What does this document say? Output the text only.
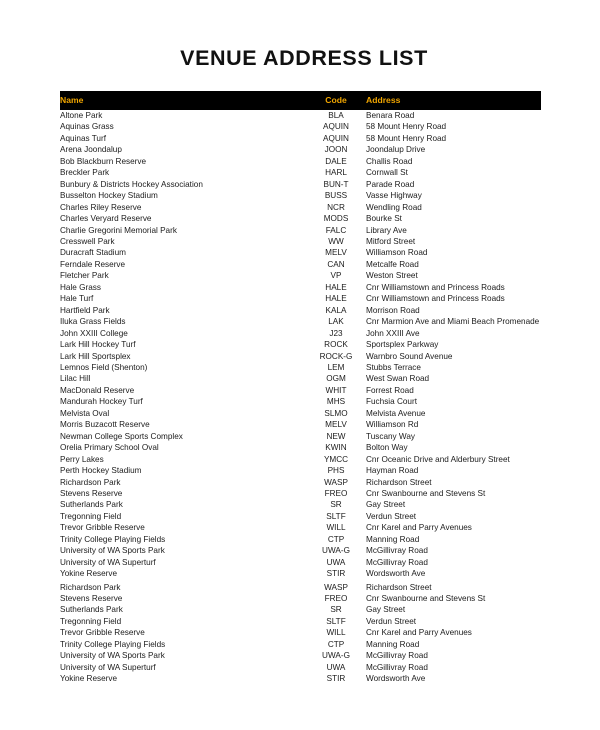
VENUE ADDRESS LIST
Name	Code	Address
Altone Park	BLA	Benara Road
Aquinas Grass	AQUIN	58 Mount Henry Road
Aquinas Turf	AQUIN	58 Mount Henry Road
Arena Joondalup	JOON	Joondalup Drive
Bob Blackburn Reserve	DALE	Challis Road
Breckler Park	HARL	Cornwall St
Bunbury & Districts Hockey Association	BUN-T	Parade Road
Busselton Hockey Stadium	BUSS	Vasse Highway
Charles Riley Reserve	NCR	Wendling Road
Charles Veryard Reserve	MODS	Bourke St
Charlie Gregorini Memorial Park	FALC	Library Ave
Cresswell Park	WW	Mitford Street
Duracraft Stadium	MELV	Williamson Road
Ferndale Reserve	CAN	Metcalfe Road
Fletcher Park	VP	Weston Street
Hale Grass	HALE	Cnr Williamstown and Princess Roads
Hale Turf	HALE	Cnr Williamstown and Princess Roads
Hartfield Park	KALA	Morrison Road
Iluka Grass Fields	LAK	Cnr Marmion Ave and Miami Beach Promenade
John XXIII College	J23	John XXIII Ave
Lark Hill Hockey Turf	ROCK	Sportsplex Parkway
Lark Hill Sportsplex	ROCK-G	Warnbro Sound Avenue
Lemnos Field (Shenton)	LEM	Stubbs Terrace
Lilac Hill	OGM	West Swan Road
MacDonald Reserve	WHIT	Forrest Road
Mandurah Hockey Turf	MHS	Fuchsia Court
Melvista Oval	SLMO	Melvista Avenue
Morris Buzacott Reserve	MELV	Williamson Rd
Newman College Sports Complex	NEW	Tuscany Way
Orelia Primary School Oval	KWIN	Bolton Way
Perry Lakes	YMCC	Cnr Oceanic Drive and Alderbury Street
Perth Hockey Stadium	PHS	Hayman Road
Richardson Park	WASP	Richardson Street
Stevens Reserve	FREO	Cnr Swanbourne and Stevens St
Sutherlands Park	SR	Gay Street
Tregonning Field	SLTF	Verdun Street
Trevor Gribble Reserve	WILL	Cnr Karel and Parry Avenues
Trinity College Playing Fields	CTP	Manning Road
University of WA Sports Park	UWA-G	McGillivray Road
University of WA Superturf	UWA	McGillivray Road
Yokine Reserve	STIR	Wordsworth Ave
Richardson Park	WASP	Richardson Street
Stevens Reserve	FREO	Cnr Swanbourne and Stevens St
Sutherlands Park	SR	Gay Street
Tregonning Field	SLTF	Verdun Street
Trevor Gribble Reserve	WILL	Cnr Karel and Parry Avenues
Trinity College Playing Fields	CTP	Manning Road
University of WA Sports Park	UWA-G	McGillivray Road
University of WA Superturf	UWA	McGillivray Road
Yokine Reserve	STIR	Wordsworth Ave
